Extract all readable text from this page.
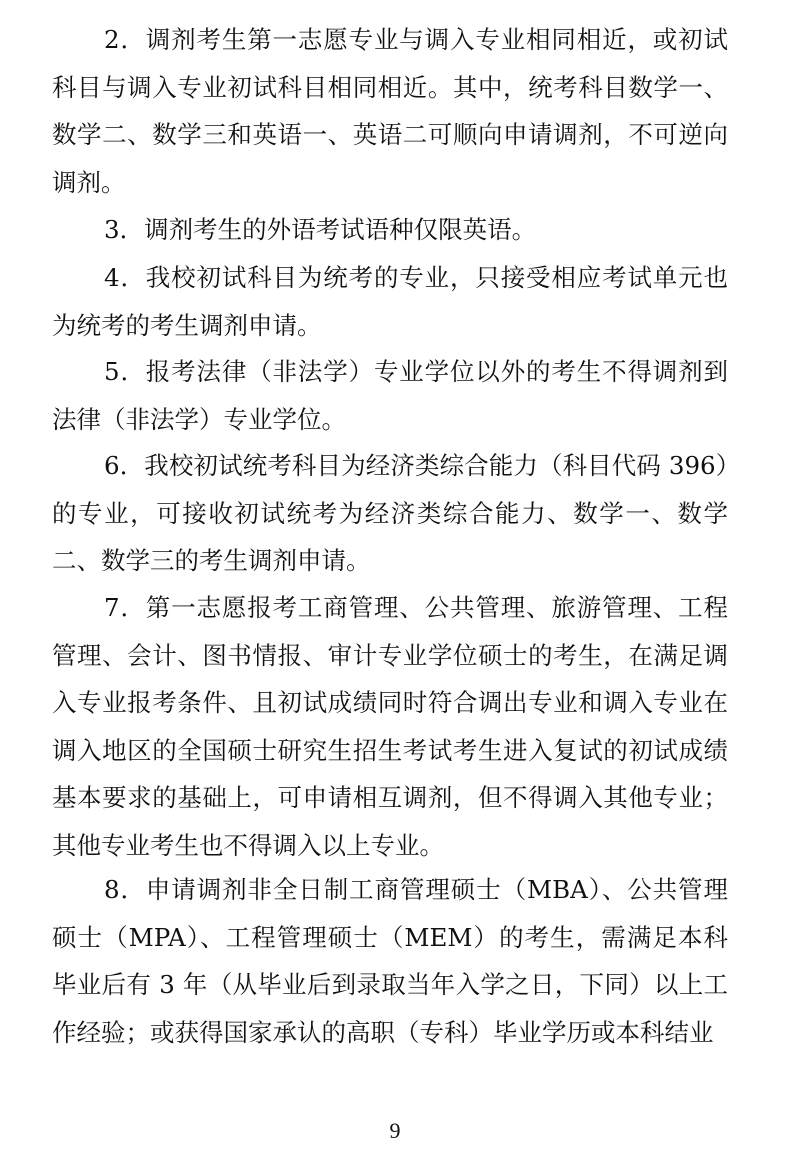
2．调剂考生第一志愿专业与调入专业相同相近，或初试科目与调入专业初试科目相同相近。其中，统考科目数学一、数学二、数学三和英语一、英语二可顺向申请调剂，不可逆向调剂。

3．调剂考生的外语考试语种仅限英语。

4．我校初试科目为统考的专业，只接受相应考试单元也为统考的考生调剂申请。

5．报考法律（非法学）专业学位以外的考生不得调剂到法律（非法学）专业学位。

6．我校初试统考科目为经济类综合能力（科目代码 396）的专业，可接收初试统考为经济类综合能力、数学一、数学二、数学三的考生调剂申请。

7．第一志愿报考工商管理、公共管理、旅游管理、工程管理、会计、图书情报、审计专业学位硕士的考生，在满足调入专业报考条件、且初试成绩同时符合调出专业和调入专业在调入地区的全国硕士研究生招生考试考生进入复试的初试成绩基本要求的基础上，可申请相互调剂，但不得调入其他专业；其他专业考生也不得调入以上专业。

8．申请调剂非全日制工商管理硕士（MBA）、公共管理硕士（MPA）、工程管理硕士（MEM）的考生，需满足本科毕业后有 3 年（从毕业后到录取当年入学之日，下同）以上工作经验；或获得国家承认的高职（专科）毕业学历或本科结业

9
